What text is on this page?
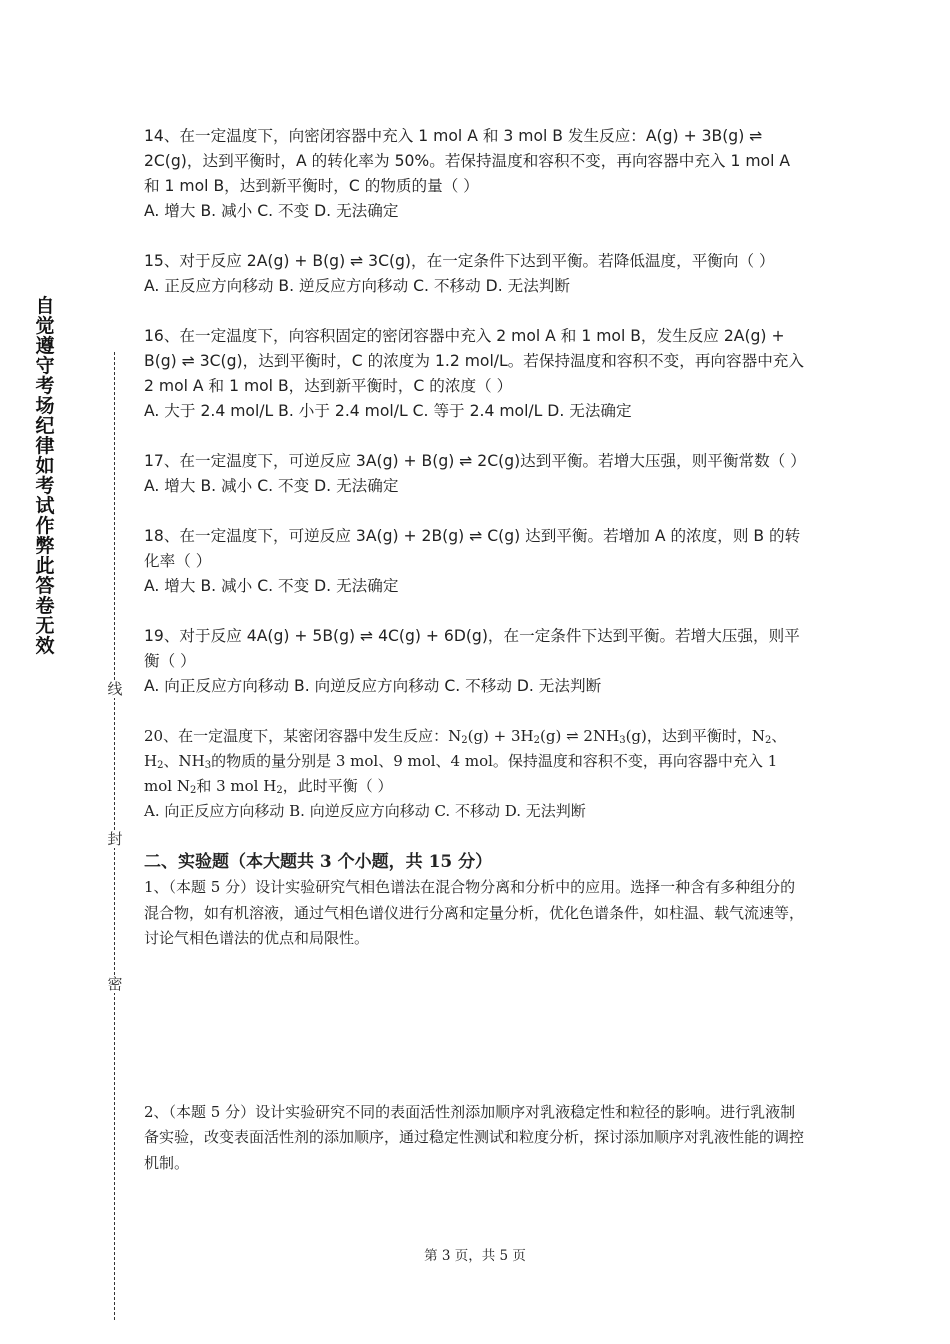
自觉遵守考场纪律如考试作弊此答卷无效
线
封
密

14、在一定温度下，向密闭容器中充入 1 mol A 和 3 mol B 发生反应：A(g) + 3B(g) ⇌ 2C(g)，达到平衡时，A 的转化率为 50%。若保持温度和容积不变，再向容器中充入 1 mol A 和 1 mol B，达到新平衡时，C 的物质的量（ ）

A. 增大 B. 减小 C. 不变 D. 无法确定

15、对于反应 2A(g) + B(g) ⇌ 3C(g)，在一定条件下达到平衡。若降低温度，平衡向（ ）

A. 正反应方向移动 B. 逆反应方向移动 C. 不移动 D. 无法判断

16、在一定温度下，向容积固定的密闭容器中充入 2 mol A 和 1 mol B，发生反应 2A(g) + B(g) ⇌ 3C(g)，达到平衡时，C 的浓度为 1.2 mol/L。若保持温度和容积不变，再向容器中充入 2 mol A 和 1 mol B，达到新平衡时，C 的浓度（ ）

A. 大于 2.4 mol/L B. 小于 2.4 mol/L C. 等于 2.4 mol/L D. 无法确定

17、在一定温度下，可逆反应 3A(g) + B(g) ⇌ 2C(g)达到平衡。若增大压强，则平衡常数（ ）

A. 增大 B. 减小 C. 不变 D. 无法确定

18、在一定温度下，可逆反应 3A(g) + 2B(g) ⇌ C(g) 达到平衡。若增加 A 的浓度，则 B 的转化率（ ）

A. 增大 B. 减小 C. 不变 D. 无法确定

19、对于反应 4A(g) + 5B(g) ⇌ 4C(g) + 6D(g)，在一定条件下达到平衡。若增大压强，则平衡（ ）

A. 向正反应方向移动 B. 向逆反应方向移动 C. 不移动 D. 无法判断

20、在一定温度下，某密闭容器中发生反应：$N_2(g) + 3H_2(g)$ ⇌ $2NH_3(g)$，达到平衡时，$N_2$、$H_2$、$NH_3$的物质的量分别是 3 mol、9 mol、4 mol。保持温度和容积不变，再向容器中充入 1 mol $N_2$和 3 mol $H_2$，此时平衡（ ）

A. 向正反应方向移动 B. 向逆反应方向移动 C. 不移动 D. 无法判断

二、实验题（本大题共 3 个小题，共 15 分）

1、（本题 5 分）设计实验研究气相色谱法在混合物分离和分析中的应用。选择一种含有多种组分的混合物，如有机溶液，通过气相色谱仪进行分离和定量分析，优化色谱条件，如柱温、载气流速等，讨论气相色谱法的优点和局限性。

2、（本题 5 分）设计实验研究不同的表面活性剂添加顺序对乳液稳定性和粒径的影响。进行乳液制备实验，改变表面活性剂的添加顺序，通过稳定性测试和粒度分析，探讨添加顺序对乳液性能的调控机制。

第 3 页，共 5 页
